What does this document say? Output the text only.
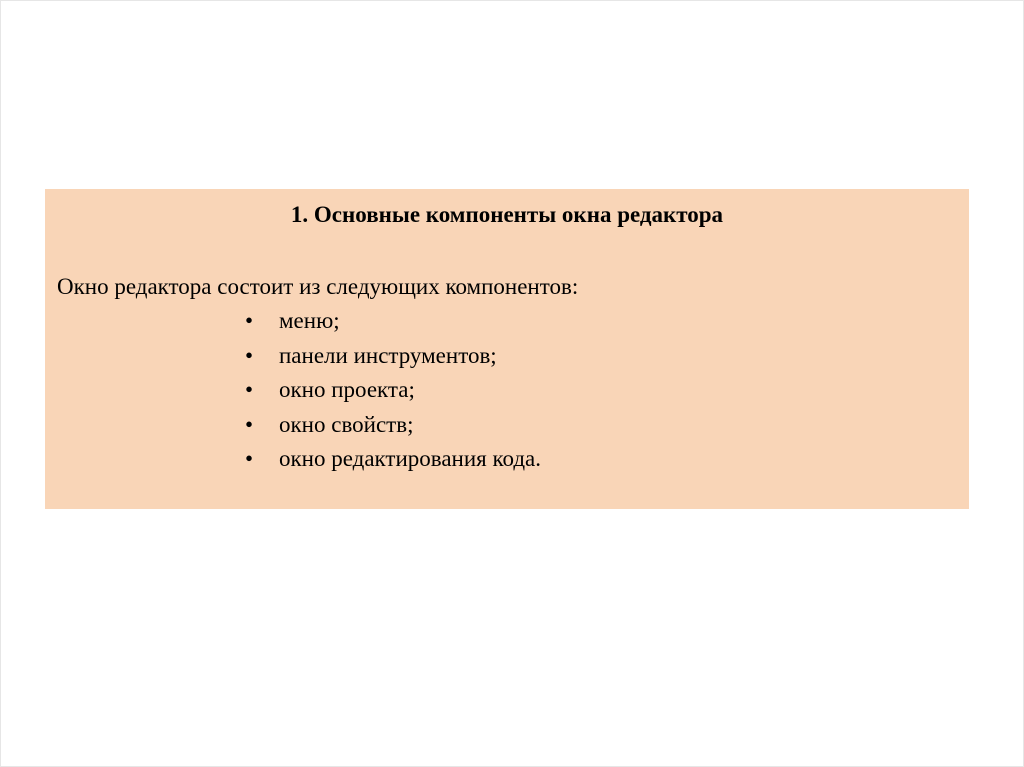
1. Основные компоненты окна редактора
Окно редактора состоит из следующих компонентов:
• меню;
• панели инструментов;
• окно проекта;
• окно свойств;
• окно редактирования кода.
